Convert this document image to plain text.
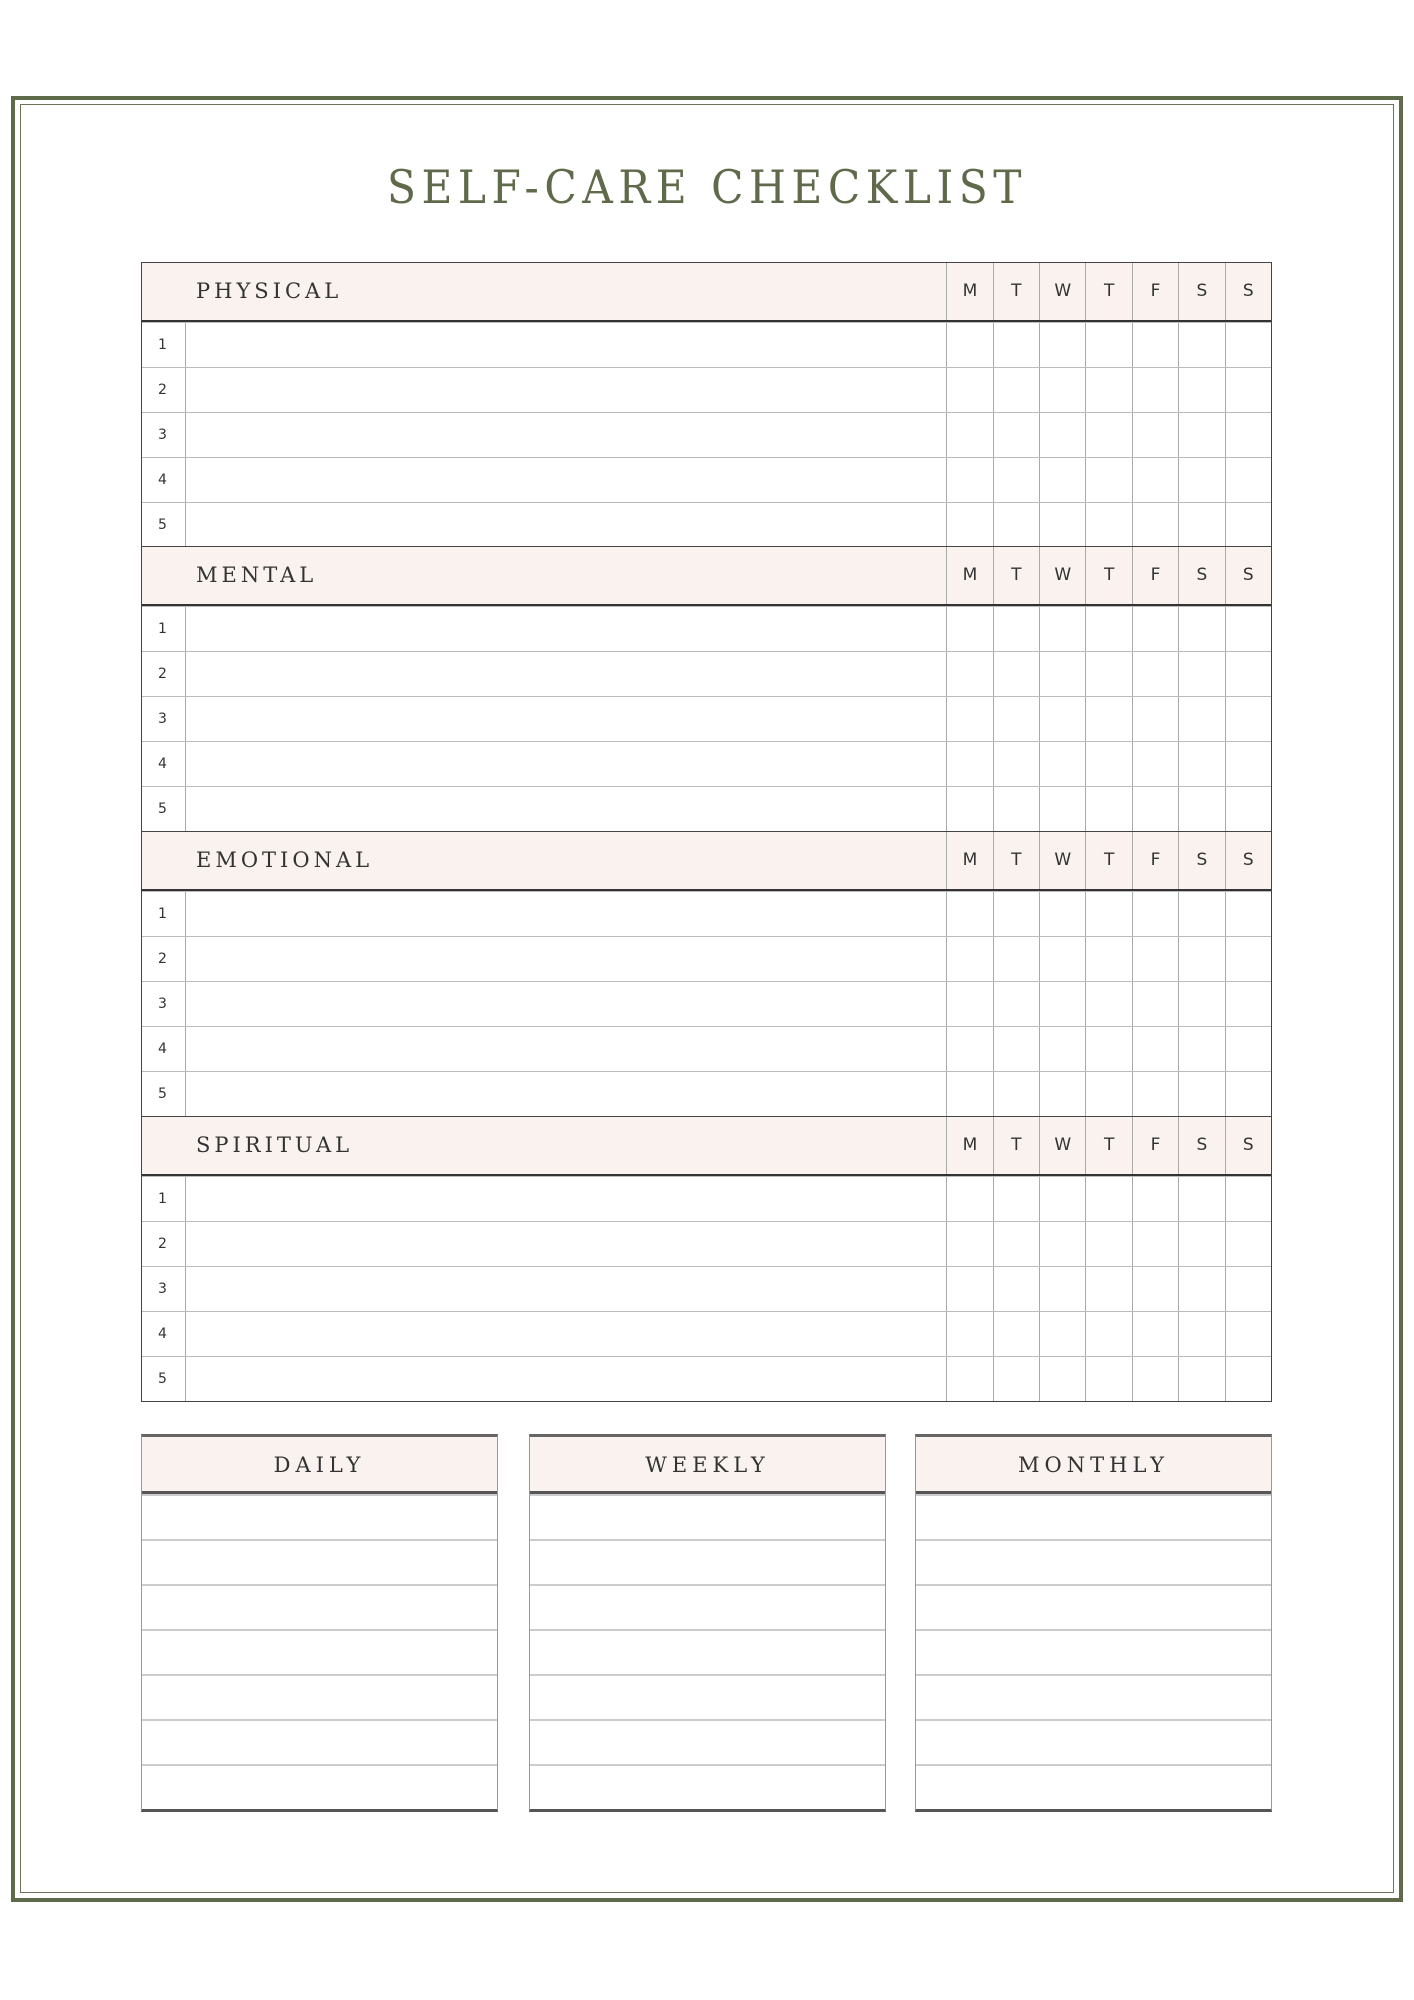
SELF-CARE CHECKLIST
PHYSICAL	M	T	W	T	F	S	S
1
2
3
4
5
MENTAL	M	T	W	T	F	S	S
1
2
3
4
5
EMOTIONAL	M	T	W	T	F	S	S
1
2
3
4
5
SPIRITUAL	M	T	W	T	F	S	S
1
2
3
4
5
DAILY	WEEKLY	MONTHLY
